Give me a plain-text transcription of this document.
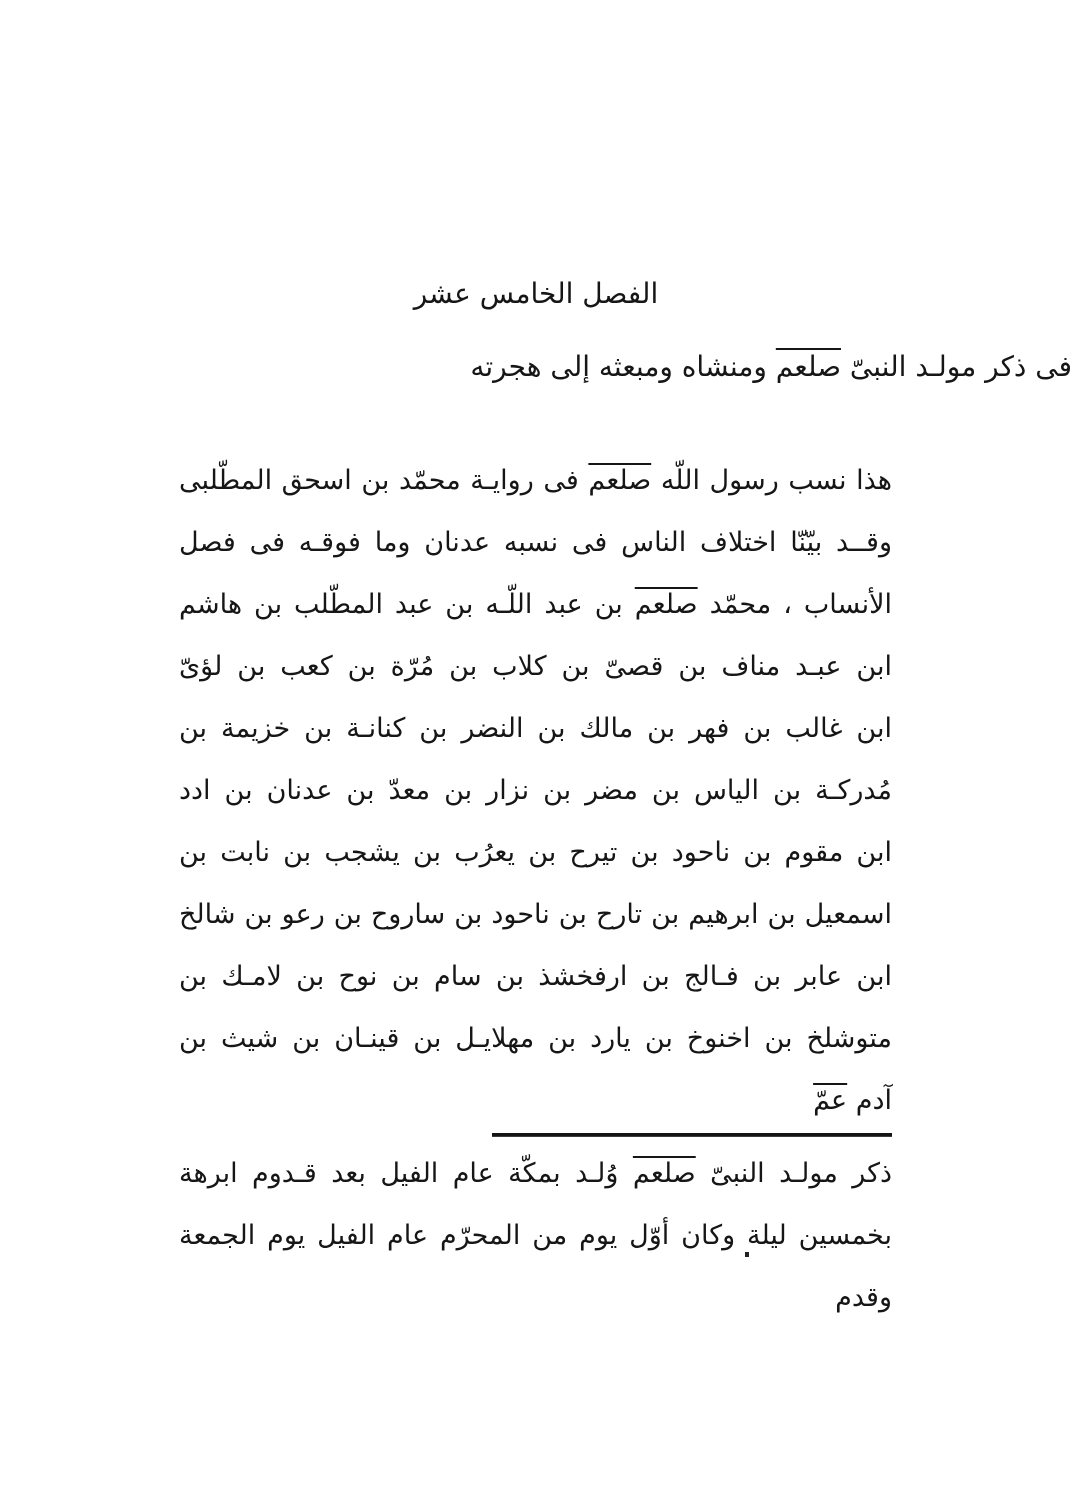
الفصل الخامس عشر
فى ذكر مولـد النبىّ صلعم ومنشاه ومبعثه إلى هجرته
هذا نسب رسول اللّه صلعم فى روايـة محمّد بن اسحق المطّلبى
وقــد بيّنّا اختلاف الناس فى نسبه عدنان وما فوقـه فى فصل
الأنساب ، محمّد صلعم بن عبد اللّـه بن عبد المطّلب بن هاشم
ابن عبـد مناف بن قصىّ بن كلاب بن مُرّة بن كعب بن لؤىّ
ابن غالب بن فهر بن مالك بن النضر بن كنانـة بن خزيمة بن
مُدركـة بن الياس بن مضر بن نزار بن معدّ بن عدنان بن ادد
ابن مقوم بن ناحود بن تيرح بن يعرُب بن يشجب بن نابت بن
اسمعيل بن ابرهيم بن تارح بن ناحود بن ساروح بن رعو بن شالخ
ابن عابر بن فـالج بن ارفخشذ بن سام بن نوح بن لامـك بن
متوشلخ بن اخنوخ بن يارد بن مهلايـل بن قينـان بن شيث بن
آدم عمّ
ذكر مولـد النبىّ صلعم وُلـد بمكّة عام الفيل بعد قـدوم ابرهة
بخمسين ليلة وكان أوّل يوم من المحرّم عام الفيل يوم الجمعة وقدم
